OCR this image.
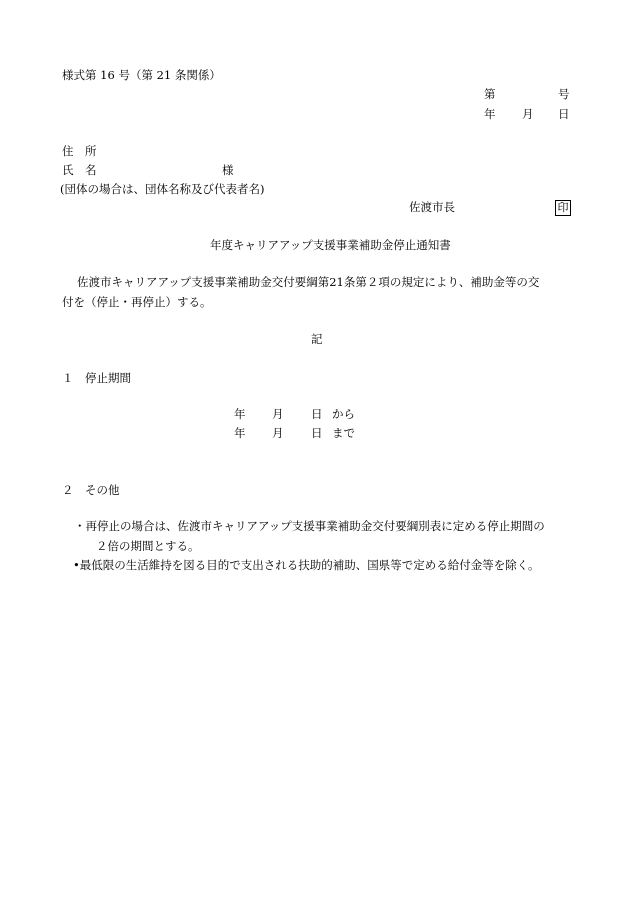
様式第 16 号（第 21 条関係）
第	号
年 月 日
住　所
氏　名	様
(団体の場合は、団体名称及び代表者名)
佐渡市長	印
年度キャリアアップ支援事業補助金停止通知書
佐渡市キャリアアップ支援事業補助金交付要綱第21条第２項の規定により、補助金等の交
付を（停止・再停止）する。
記
１　停止期間
年 月 日 から
年 月 日 まで
２　その他
・再停止の場合は、佐渡市キャリアアップ支援事業補助金交付要綱別表に定める停止期間の
２倍の期間とする。
•最低限の生活維持を図る目的で支出される扶助的補助、国県等で定める給付金等を除く。
